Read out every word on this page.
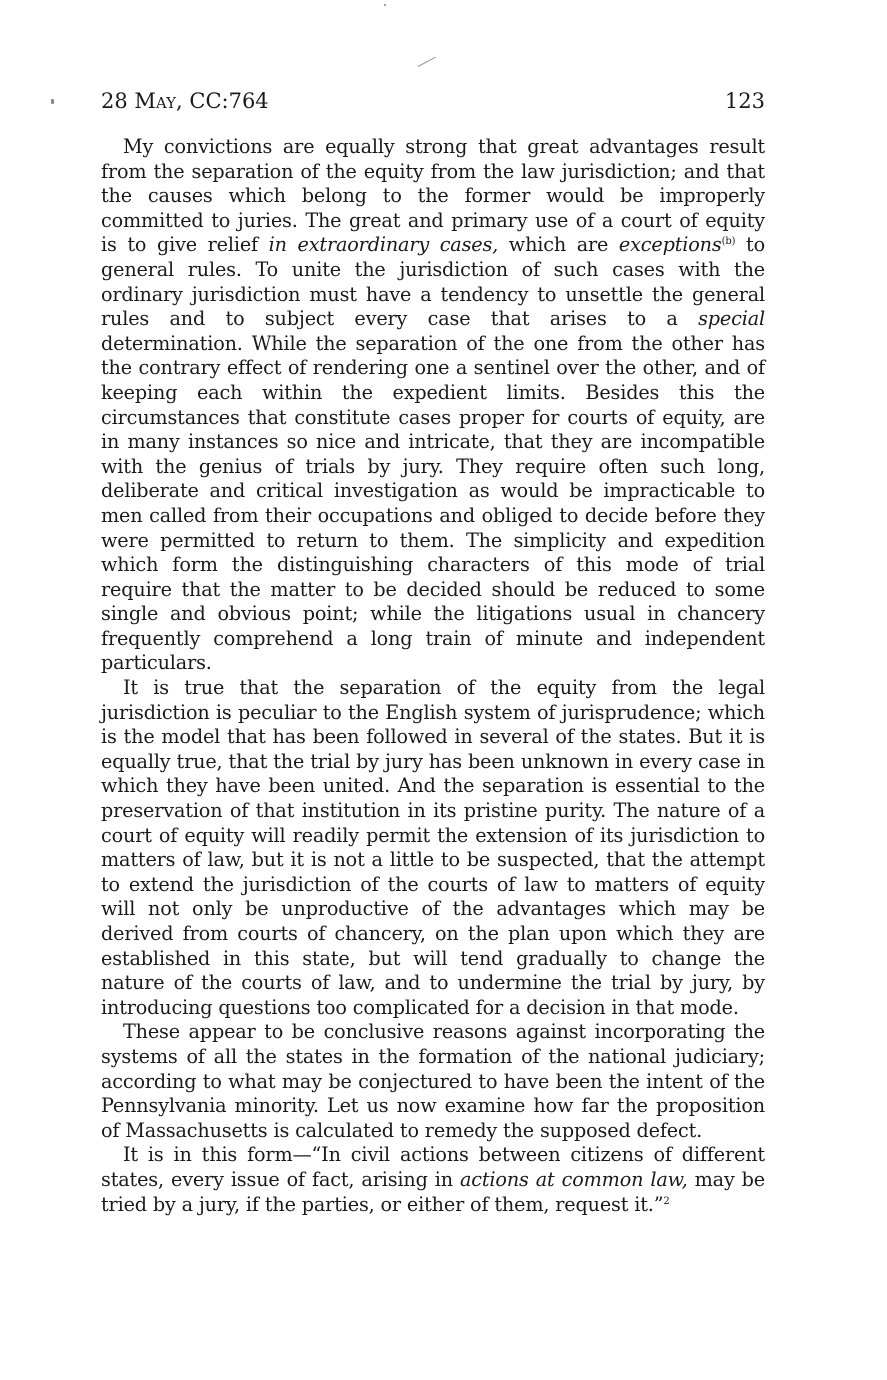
28 May, CC:764	123

My convictions are equally strong that great advantages result from the separation of the equity from the law jurisdiction; and that the causes which belong to the former would be improperly committed to juries. The great and primary use of a court of equity is to give relief in extraordinary cases, which are exceptions$^{(b)}$ to general rules. To unite the jurisdiction of such cases with the ordinary jurisdiction must have a tendency to unsettle the general rules and to subject every case that arises to a special determination. While the separation of the one from the other has the contrary effect of rendering one a sentinel over the other, and of keeping each within the expedient limits. Besides this the circumstances that constitute cases proper for courts of equity, are in many instances so nice and intricate, that they are incompatible with the genius of trials by jury. They require often such long, deliberate and critical investigation as would be impracticable to men called from their occupations and obliged to decide before they were permitted to return to them. The simplicity and expedition which form the distinguishing characters of this mode of trial require that the matter to be decided should be reduced to some single and obvious point; while the litigations usual in chancery frequently comprehend a long train of minute and independent particulars.

It is true that the separation of the equity from the legal jurisdiction is peculiar to the English system of jurisprudence; which is the model that has been followed in several of the states. But it is equally true, that the trial by jury has been unknown in every case in which they have been united. And the separation is essential to the preservation of that institution in its pristine purity. The nature of a court of equity will readily permit the extension of its jurisdiction to matters of law, but it is not a little to be suspected, that the attempt to extend the jurisdiction of the courts of law to matters of equity will not only be unproductive of the advantages which may be derived from courts of chancery, on the plan upon which they are established in this state, but will tend gradually to change the nature of the courts of law, and to undermine the trial by jury, by introducing questions too complicated for a decision in that mode.

These appear to be conclusive reasons against incorporating the systems of all the states in the formation of the national judiciary; according to what may be conjectured to have been the intent of the Pennsylvania minority. Let us now examine how far the proposition of Massachusetts is calculated to remedy the supposed defect.

It is in this form—“In civil actions between citizens of different states, every issue of fact, arising in actions at common law, may be tried by a jury, if the parties, or either of them, request it.”$^2$
